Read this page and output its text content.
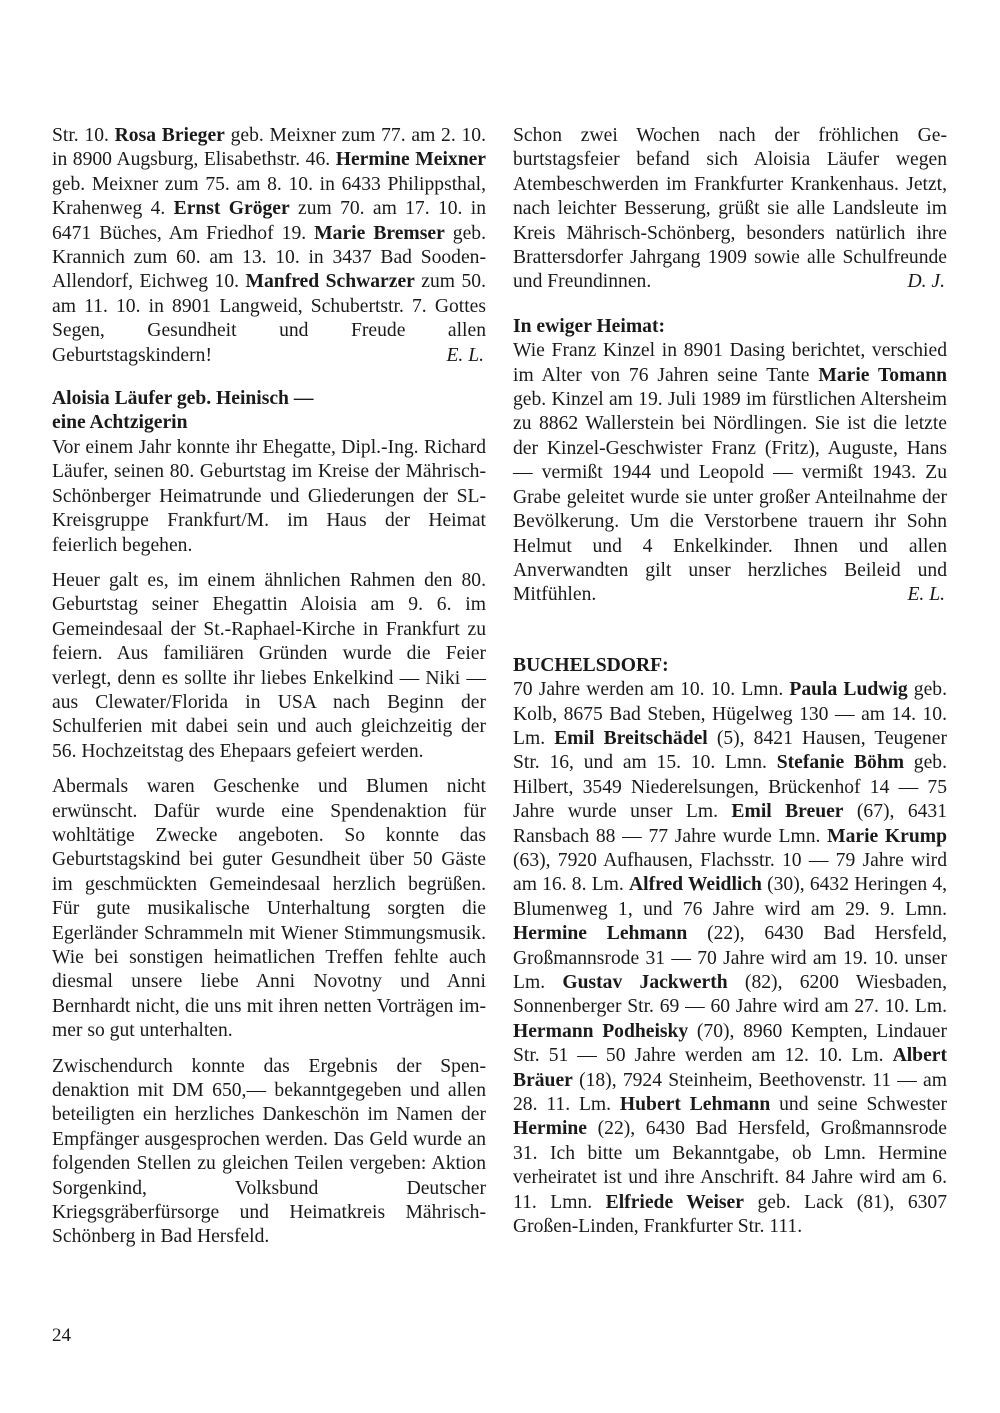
Str. 10. Rosa Brieger geb. Meixner zum 77. am 2. 10. in 8900 Augsburg, Elisabethstr. 46. Hermine Meixner geb. Meixner zum 75. am 8. 10. in 6433 Philippsthal, Krahenweg 4. Ernst Gröger zum 70. am 17. 10. in 6471 Büches, Am Friedhof 19. Marie Bremser geb. Krannich zum 60. am 13. 10. in 3437 Bad Sooden-Allendorf, Eichweg 10. Manfred Schwarzer zum 50. am 11. 10. in 8901 Langweid, Schubertstr. 7. Gottes Segen, Gesundheit und Freude allen Geburtstagskindern!	E. L.

Aloisia Läufer geb. Heinisch —
eine Achtzigerin

Vor einem Jahr konnte ihr Ehegatte, Dipl.-Ing. Richard Läufer, seinen 80. Geburtstag im Kreise der Mährisch-Schönberger Heimatrunde und Gliederungen der SL-Kreisgruppe Frankfurt/M. im Haus der Heimat feierlich begehen.

Heuer galt es, im einem ähnlichen Rahmen den 80. Geburtstag seiner Ehegattin Aloisia am 9. 6. im Gemeindesaal der St.-Raphael-Kirche in Frankfurt zu feiern. Aus familiären Gründen wurde die Feier verlegt, denn es sollte ihr liebes Enkelkind — Niki — aus Clewater/Florida in USA nach Beginn der Schulferien mit dabei sein und auch gleichzeitig der 56. Hochzeitstag des Ehepaars gefeiert werden.

Abermals waren Geschenke und Blumen nicht erwünscht. Dafür wurde eine Spendenaktion für wohltätige Zwecke angeboten. So konnte das Geburtstagskind bei guter Gesundheit über 50 Gäste im geschmückten Gemeindesaal herzlich begrüßen. Für gute musikalische Unterhaltung sorgten die Egerländer Schrammeln mit Wiener Stimmungsmusik. Wie bei sonstigen heimatlichen Treffen fehlte auch diesmal unsere liebe Anni Novotny und Anni Bernhardt nicht, die uns mit ihren netten Vorträgen immer so gut unterhalten.

Zwischendurch konnte das Ergebnis der Spendenaktion mit DM 650,— bekanntgegeben und allen beteiligten ein herzliches Dankeschön im Namen der Empfänger ausgesprochen werden. Das Geld wurde an folgenden Stellen zu gleichen Teilen vergeben: Aktion Sorgenkind, Volksbund Deutscher Kriegsgräberfürsorge und Heimatkreis Mährisch-Schönberg in Bad Hersfeld.

Schon zwei Wochen nach der fröhlichen Geburtstagsfeier befand sich Aloisia Läufer wegen Atembeschwerden im Frankfurter Krankenhaus. Jetzt, nach leichter Besserung, grüßt sie alle Landsleute im Kreis Mährisch-Schönberg, besonders natürlich ihre Brattersdorfer Jahrgang 1909 sowie alle Schulfreunde und Freundinnen.	D. J.

In ewiger Heimat:

Wie Franz Kinzel in 8901 Dasing berichtet, verschied im Alter von 76 Jahren seine Tante Marie Tomann geb. Kinzel am 19. Juli 1989 im fürstlichen Altersheim zu 8862 Wallerstein bei Nördlingen. Sie ist die letzte der Kinzel-Geschwister Franz (Fritz), Auguste, Hans — vermißt 1944 und Leopold — vermißt 1943. Zu Grabe geleitet wurde sie unter großer Anteilnahme der Bevölkerung. Um die Verstorbene trauern ihr Sohn Helmut und 4 Enkelkinder. Ihnen und allen Anverwandten gilt unser herzliches Beileid und Mitfühlen.	E. L.

BUCHELSDORF:

70 Jahre werden am 10. 10. Lmn. Paula Ludwig geb. Kolb, 8675 Bad Steben, Hügelweg 130 — am 14. 10. Lm. Emil Breitschädel (5), 8421 Hausen, Teugener Str. 16, und am 15. 10. Lmn. Stefanie Böhm geb. Hilbert, 3549 Niederelsungen, Brückenhof 14 — 75 Jahre wurde unser Lm. Emil Breuer (67), 6431 Ransbach 88 — 77 Jahre wurde Lmn. Marie Krump (63), 7920 Aufhausen, Flachsstr. 10 — 79 Jahre wird am 16. 8. Lm. Alfred Weidlich (30), 6432 Heringen 4, Blumenweg 1, und 76 Jahre wird am 29. 9. Lmn. Hermine Lehmann (22), 6430 Bad Hersfeld, Großmannsrode 31 — 70 Jahre wird am 19. 10. unser Lm. Gustav Jackwerth (82), 6200 Wiesbaden, Sonnenberger Str. 69 — 60 Jahre wird am 27. 10. Lm. Hermann Podheisky (70), 8960 Kempten, Lindauer Str. 51 — 50 Jahre werden am 12. 10. Lm. Albert Bräuer (18), 7924 Steinheim, Beethovenstr. 11 — am 28. 11. Lm. Hubert Lehmann und seine Schwester Hermine (22), 6430 Bad Hersfeld, Großmannsrode 31. Ich bitte um Bekanntgabe, ob Lmn. Hermine verheiratet ist und ihre Anschrift. 84 Jahre wird am 6. 11. Lmn. Elfriede Weiser geb. Lack (81), 6307 Großen-Linden, Frankfurter Str. 111.

24
